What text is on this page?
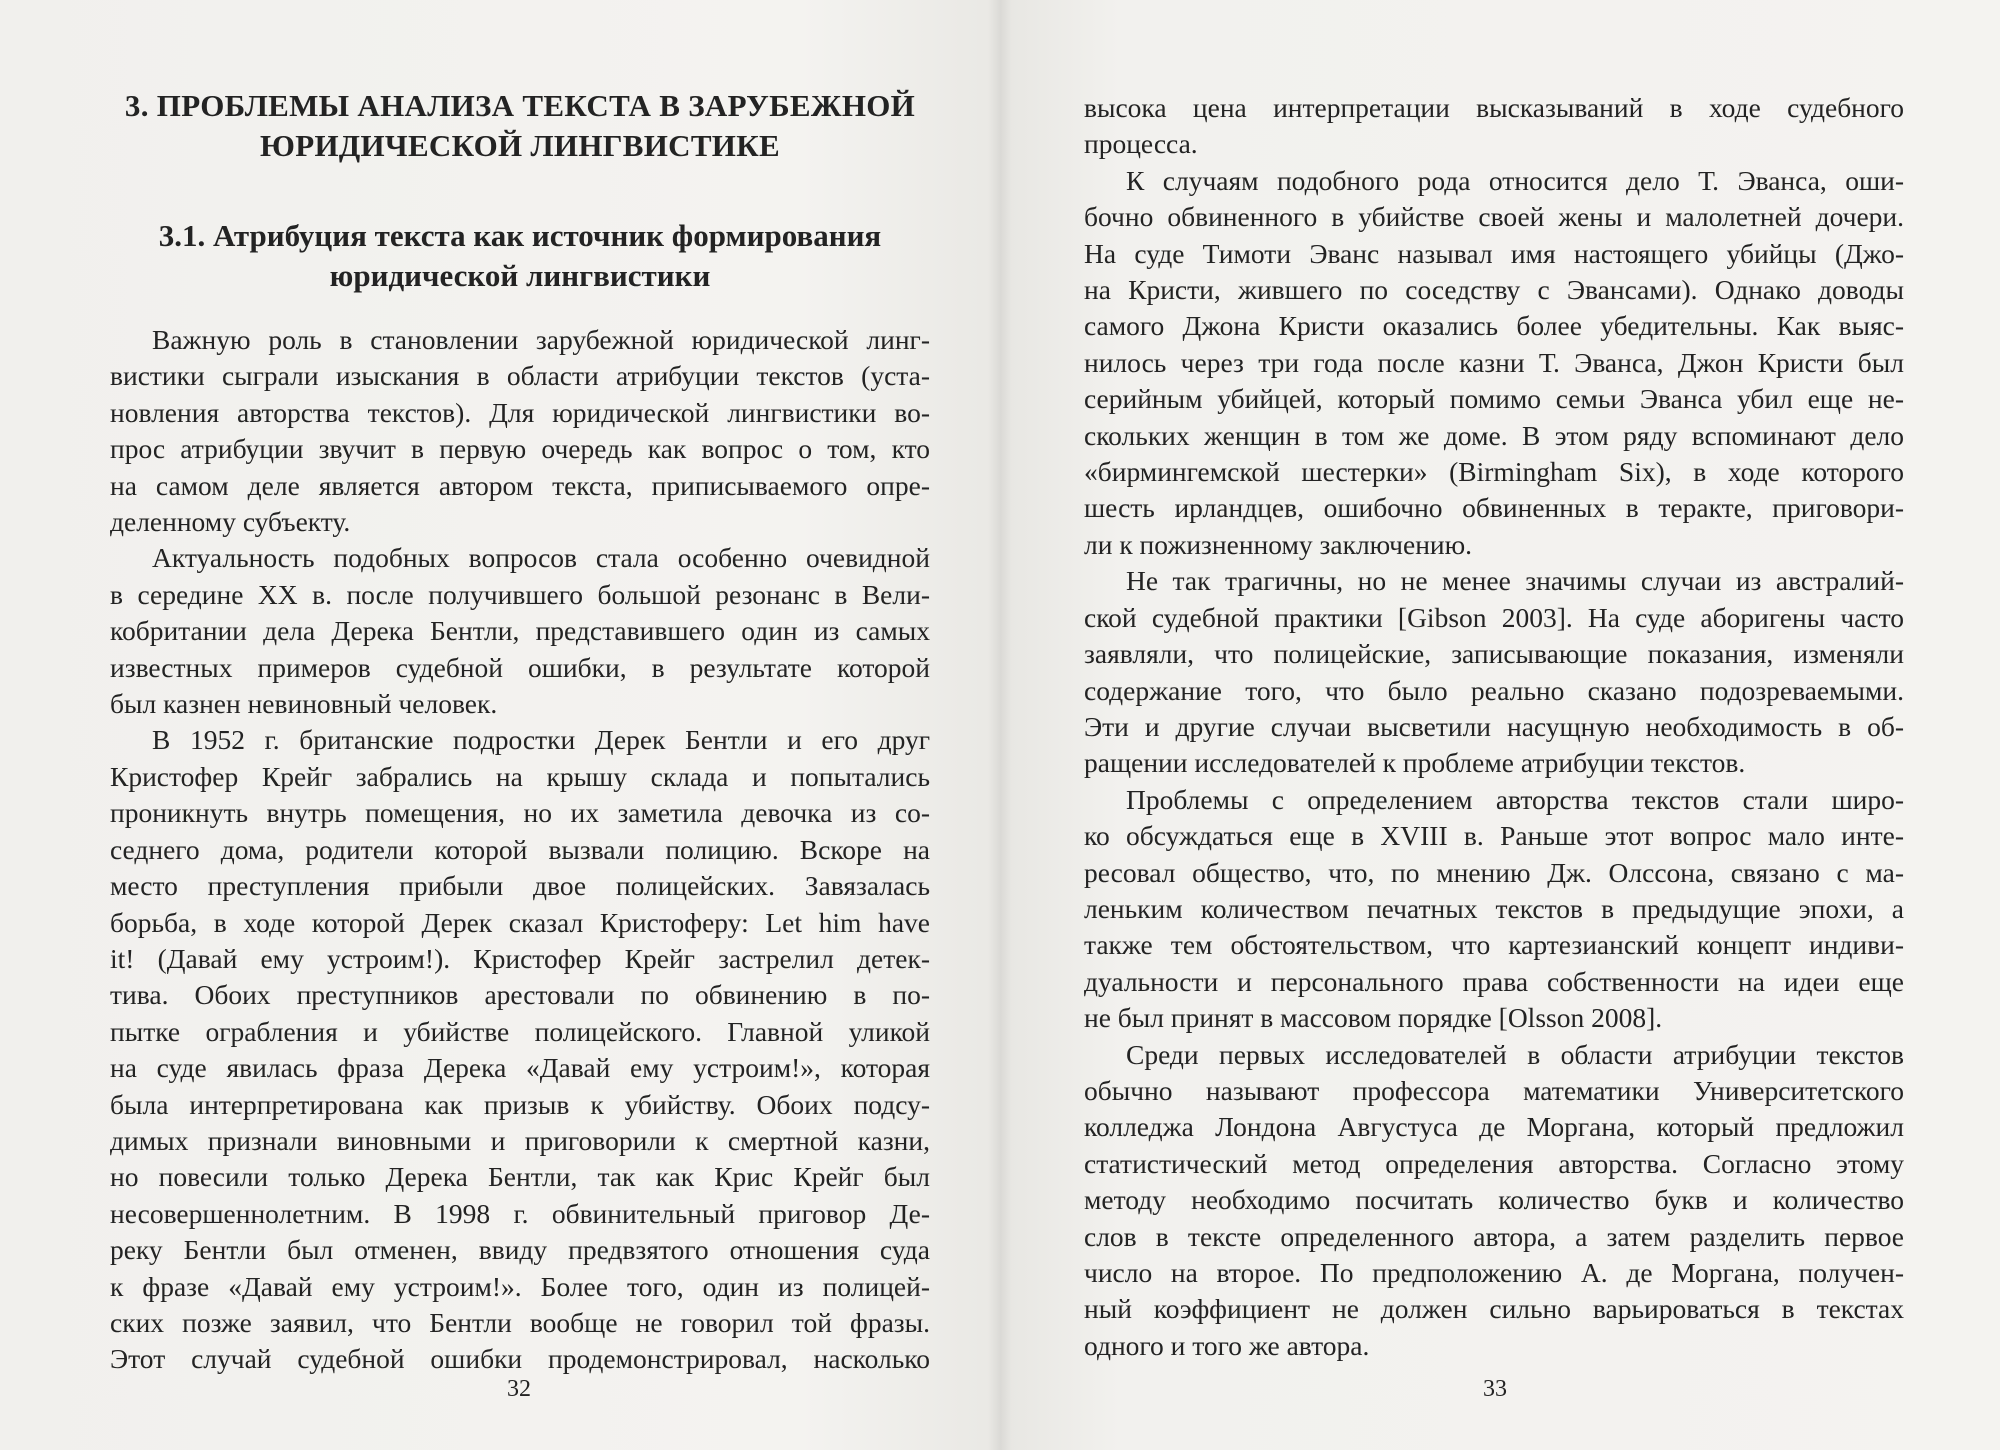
3. ПРОБЛЕМЫ АНАЛИЗА ТЕКСТА В ЗАРУБЕЖНОЙ
ЮРИДИЧЕСКОЙ ЛИНГВИСТИКЕ
3.1. Атрибуция текста как источник формирования
юридической лингвистики

Важную роль в становлении зарубежной юридической линг-
вистики сыграли изыскания в области атрибуции текстов (уста-
новления авторства текстов). Для юридической лингвистики во-
прос атрибуции звучит в первую очередь как вопрос о том, кто
на самом деле является автором текста, приписываемого опре-
деленному субъекту.

Актуальность подобных вопросов стала особенно очевидной
в середине XX в. после получившего большой резонанс в Вели-
кобритании дела Дерека Бентли, представившего один из самых
известных примеров судебной ошибки, в результате которой
был казнен невиновный человек.

В 1952 г. британские подростки Дерек Бентли и его друг
Кристофер Крейг забрались на крышу склада и попытались
проникнуть внутрь помещения, но их заметила девочка из со-
седнего дома, родители которой вызвали полицию. Вскоре на
место преступления прибыли двое полицейских. Завязалась
борьба, в ходе которой Дерек сказал Кристоферу: Let him have
it! (Давай ему устроим!). Кристофер Крейг застрелил детек-
тива. Обоих преступников арестовали по обвинению в по-
пытке ограбления и убийстве полицейского. Главной уликой
на суде явилась фраза Дерека «Давай ему устроим!», которая
была интерпретирована как призыв к убийству. Обоих подсу-
димых признали виновными и приговорили к смертной казни,
но повесили только Дерека Бентли, так как Крис Крейг был
несовершеннолетним. В 1998 г. обвинительный приговор Де-
реку Бентли был отменен, ввиду предвзятого отношения суда
к фразе «Давай ему устроим!». Более того, один из полицей-
ских позже заявил, что Бентли вообще не говорил той фразы.
Этот случай судебной ошибки продемонстрировал, насколько

32

высока цена интерпретации высказываний в ходе судебного
процесса.

К случаям подобного рода относится дело Т. Эванса, оши-
бочно обвиненного в убийстве своей жены и малолетней дочери.
На суде Тимоти Эванс называл имя настоящего убийцы (Джо-
на Кристи, жившего по соседству с Эвансами). Однако доводы
самого Джона Кристи оказались более убедительны. Как выяс-
нилось через три года после казни Т. Эванса, Джон Кристи был
серийным убийцей, который помимо семьи Эванса убил еще не-
скольких женщин в том же доме. В этом ряду вспоминают дело
«бирмингемской шестерки» (Birmingham Six), в ходе которого
шесть ирландцев, ошибочно обвиненных в теракте, приговори-
ли к пожизненному заключению.

Не так трагичны, но не менее значимы случаи из австралий-
ской судебной практики [Gibson 2003]. На суде аборигены часто
заявляли, что полицейские, записывающие показания, изменяли
содержание того, что было реально сказано подозреваемыми.
Эти и другие случаи высветили насущную необходимость в об-
ращении исследователей к проблеме атрибуции текстов.

Проблемы с определением авторства текстов стали широ-
ко обсуждаться еще в XVIII в. Раньше этот вопрос мало инте-
ресовал общество, что, по мнению Дж. Олссона, связано с ма-
леньким количеством печатных текстов в предыдущие эпохи, а
также тем обстоятельством, что картезианский концепт индиви-
дуальности и персонального права собственности на идеи еще
не был принят в массовом порядке [Olsson 2008].

Среди первых исследователей в области атрибуции текстов
обычно называют профессора математики Университетского
колледжа Лондона Августуса де Моргана, который предложил
статистический метод определения авторства. Согласно этому
методу необходимо посчитать количество букв и количество
слов в тексте определенного автора, а затем разделить первое
число на второе. По предположению А. де Моргана, получен-
ный коэффициент не должен сильно варьироваться в текстах
одного и того же автора.

33
